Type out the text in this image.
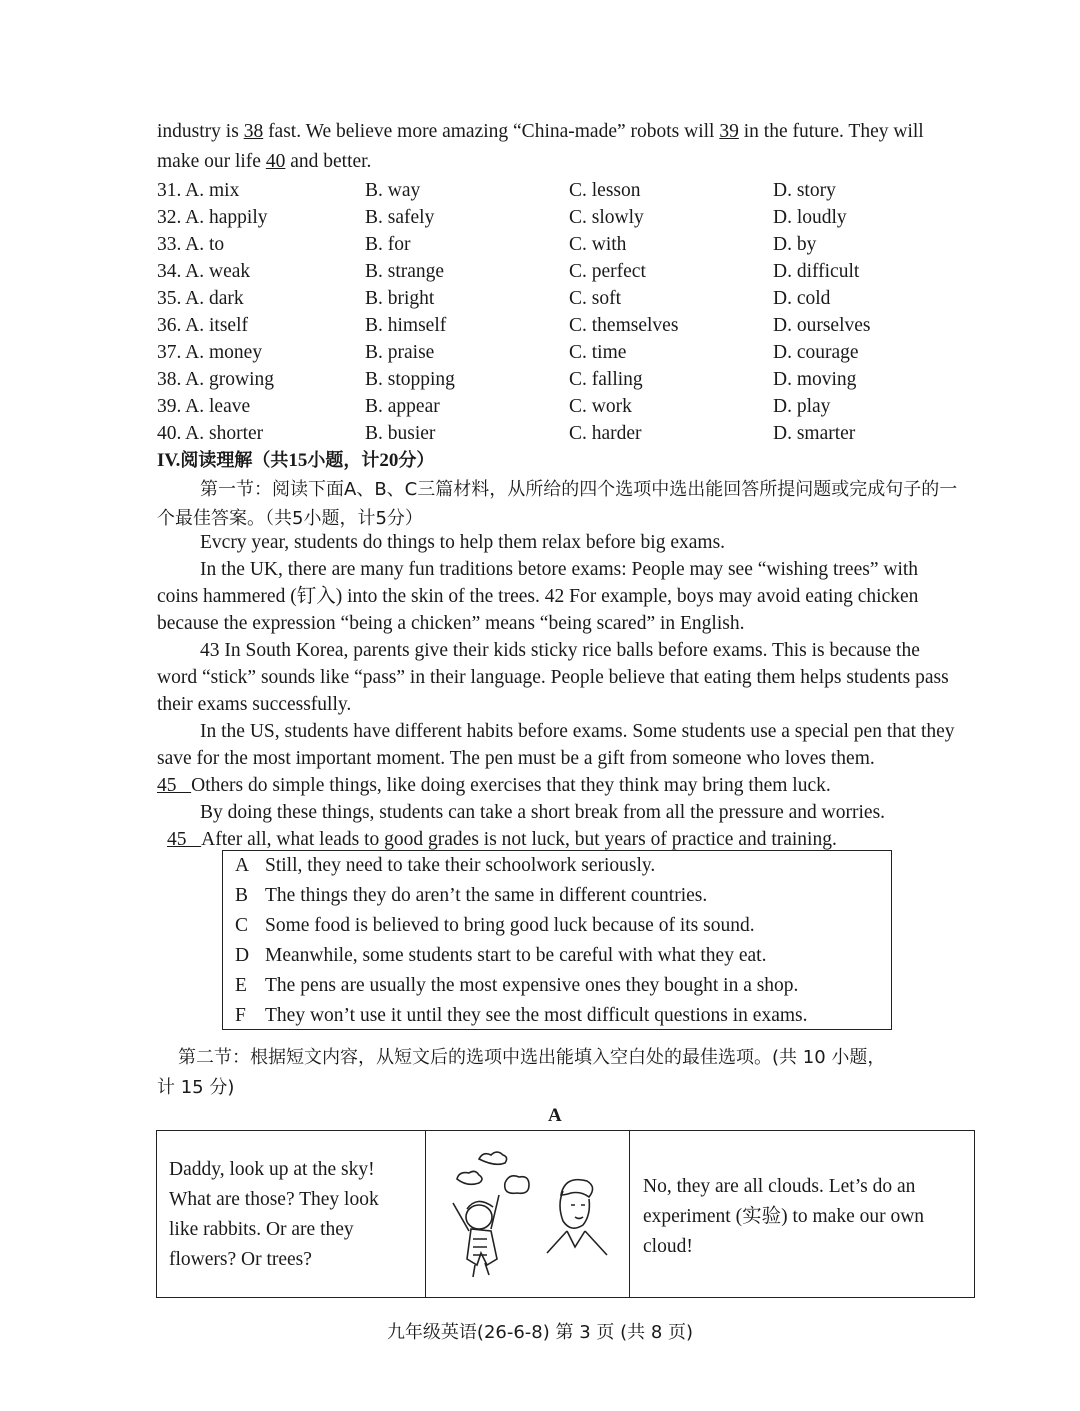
industry is 38 fast. We believe more amazing “China-made” robots will 39 in the future. They will

make our life 40 and better.

31. A. mix	B. way	C. lesson	D. story
32. A. happily	B. safely	C. slowly	D. loudly
33. A. to	B. for	C. with	D. by
34. A. weak	B. strange	C. perfect	D. difficult
35. A. dark	B. bright	C. soft	D. cold
36. A. itself	B. himself	C. themselves	D. ourselves
37. A. money	B. praise	C. time	D. courage
38. A. growing	B. stopping	C. falling	D. moving
39. A. leave	B. appear	C. work	D. play
40. A. shorter	B. busier	C. harder	D. smarter
IV.阅读理解（共15小题，计20分）

第一节：阅读下面A、B、C三篇材料，从所给的四个选项中选出能回答所提问题或完成句子的一个最佳答案。（共5小题，计5分）

Evcry year, students do things to help them relax before big exams.

In the UK, there are many fun traditions betore exams: People may see “wishing trees” with coins hammered (钉入) into the skin of the trees. 42 For example, boys may avoid eating chicken because the expression “being a chicken” means “being scared” in English.

43 In South Korea, parents give their kids sticky rice balls before exams. This is because the word “stick” sounds like “pass” in their language. People believe that eating them helps students pass their exams successfully.

In the US, students have different habits before exams. Some students use a special pen that they save for the most important moment. The pen must be a gift from someone who loves them.

45 Others do simple things, like doing exercises that they think may bring them luck.

By doing these things, students can take a short break from all the pressure and worries.

45 After all, what leads to good grades is not luck, but years of practice and training.

A Still, they need to take their schoolwork seriously.
B The things they do aren’t the same in different countries.
C Some food is believed to bring good luck because of its sound.
D Meanwhile, some students start to be careful with what they eat.
E The pens are usually the most expensive ones they bought in a shop.
F They won’t use it until they see the most difficult questions in exams.

第二节：根据短文内容，从短文后的选项中选出能填入空白处的最佳选项。(共 10 小题，

计 15 分)

A
Daddy, look up at the sky!
What are those? They look
like rabbits. Or are they
flowers? Or trees?
No, they are all clouds. Let’s do an
experiment (实验) to make our own
cloud!
九年级英语(26-6-8) 第 3 页 (共 8 页)
